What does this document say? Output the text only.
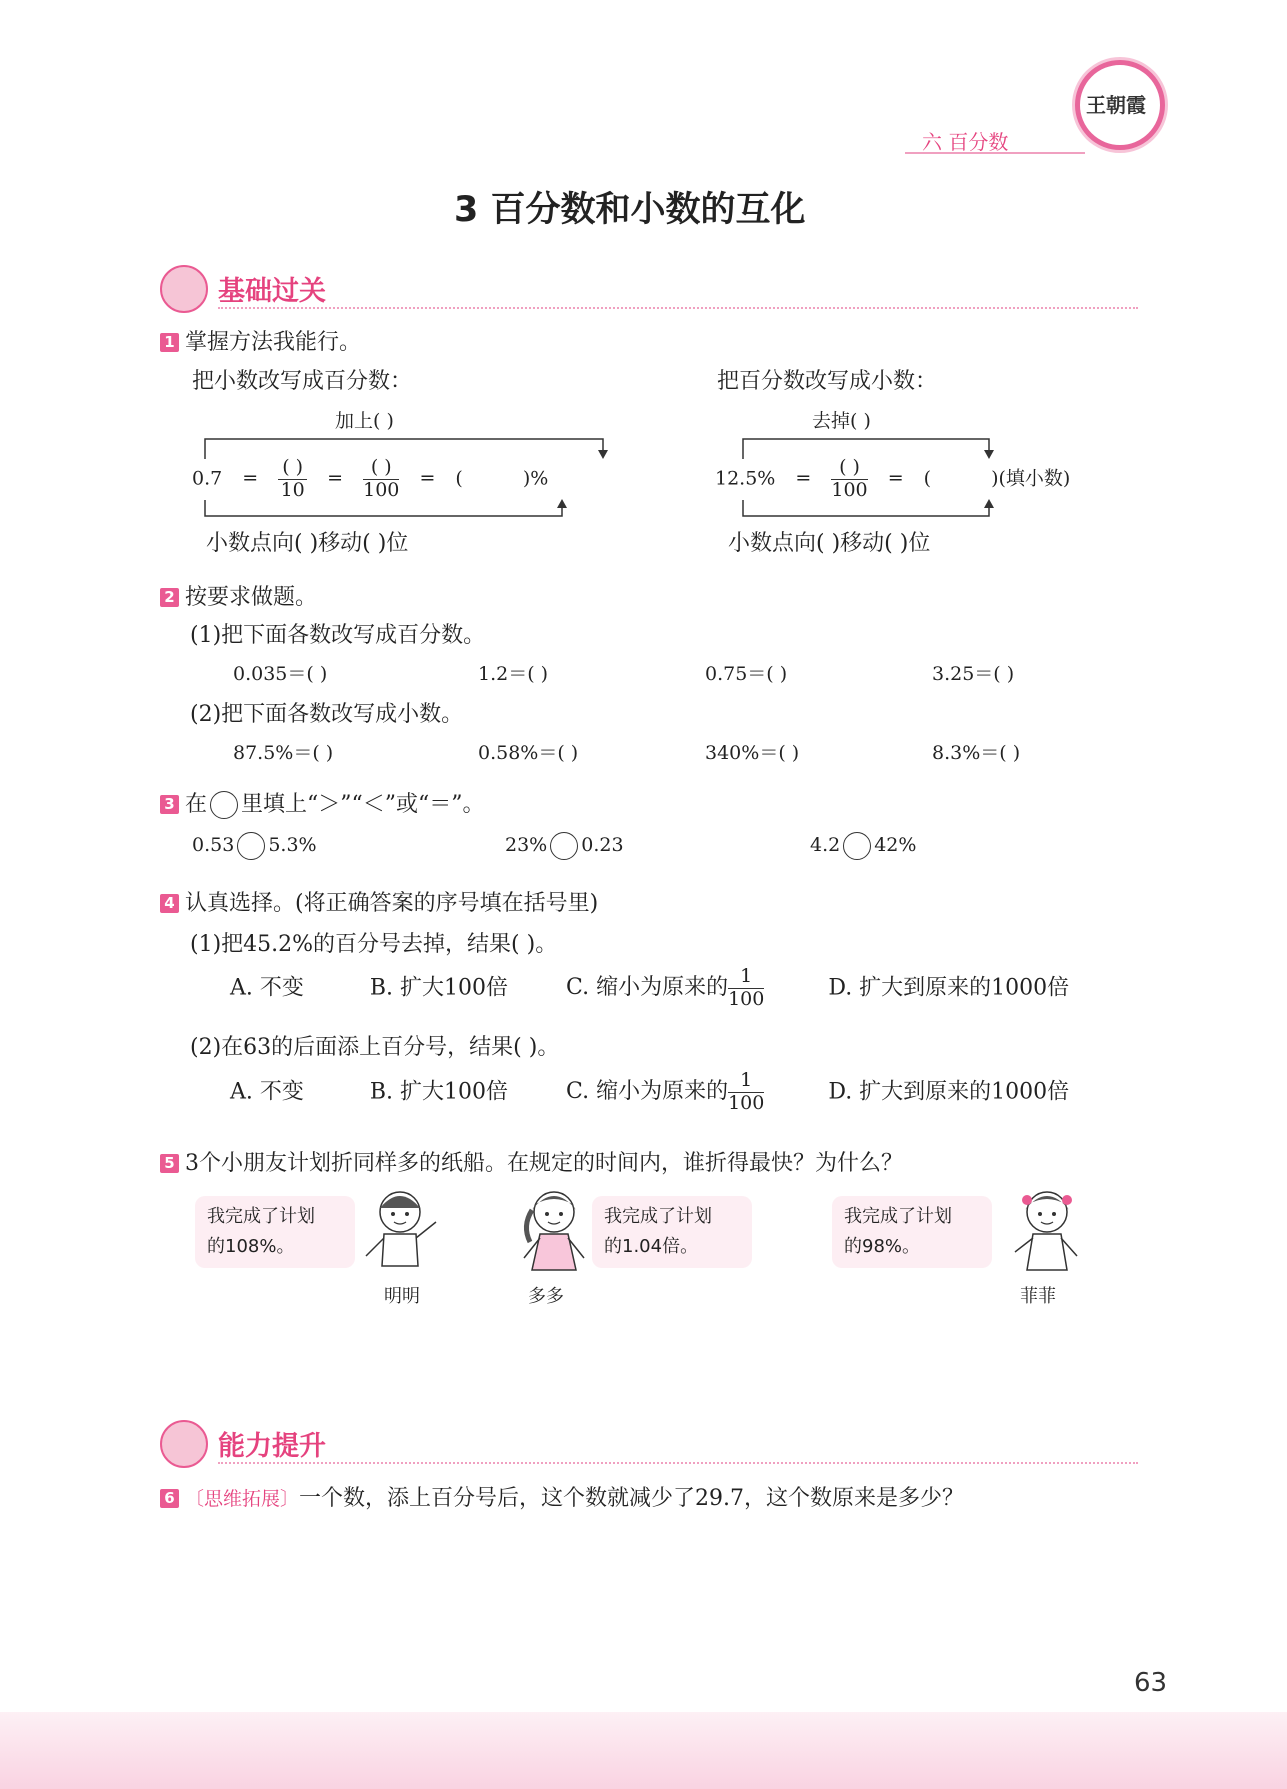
王朝霞
六 百分数
3 百分数和小数的互化
基础过关
1 掌握方法我能行。
把小数改写成百分数：	把百分数改写成小数：
加上( )
$0.7 = \frac{( )}{10} = \frac{( )}{100}$ = (	)%
小数点向( )移动( )位
去掉( )
$12.5\% = \frac{( )}{100}$ = (	)(填小数)
小数点向( )移动( )位
2 按要求做题。
(1)把下面各数改写成百分数。
0.035＝( )	1.2＝( )	0.75＝( )	3.25＝( )
(2)把下面各数改写成小数。
87.5%＝( )	0.58%＝( )	340%＝( )	8.3%＝( )
3 在 里填上“＞”“＜”或“＝”。
0.53 5.3%	23% 0.23	4.2 42%
4 认真选择。(将正确答案的序号填在括号里)
(1)把45.2%的百分号去掉，结果( )。
A. 不变	B. 扩大100倍	C. 缩小为原来的 $\frac{1}{100}$	D. 扩大到原来的1000倍
(2)在63的后面添上百分号，结果( )。
A. 不变	B. 扩大100倍	C. 缩小为原来的 $\frac{1}{100}$	D. 扩大到原来的1000倍
5 3个小朋友计划折同样多的纸船。在规定的时间内，谁折得最快？为什么？
我完成了计划
的108%。
明明	多多
我完成了计划
的1.04倍。
我完成了计划
的98%。
菲菲
能力提升
6 〔思维拓展〕一个数，添上百分号后，这个数就减少了29.7，这个数原来是多少？
63
